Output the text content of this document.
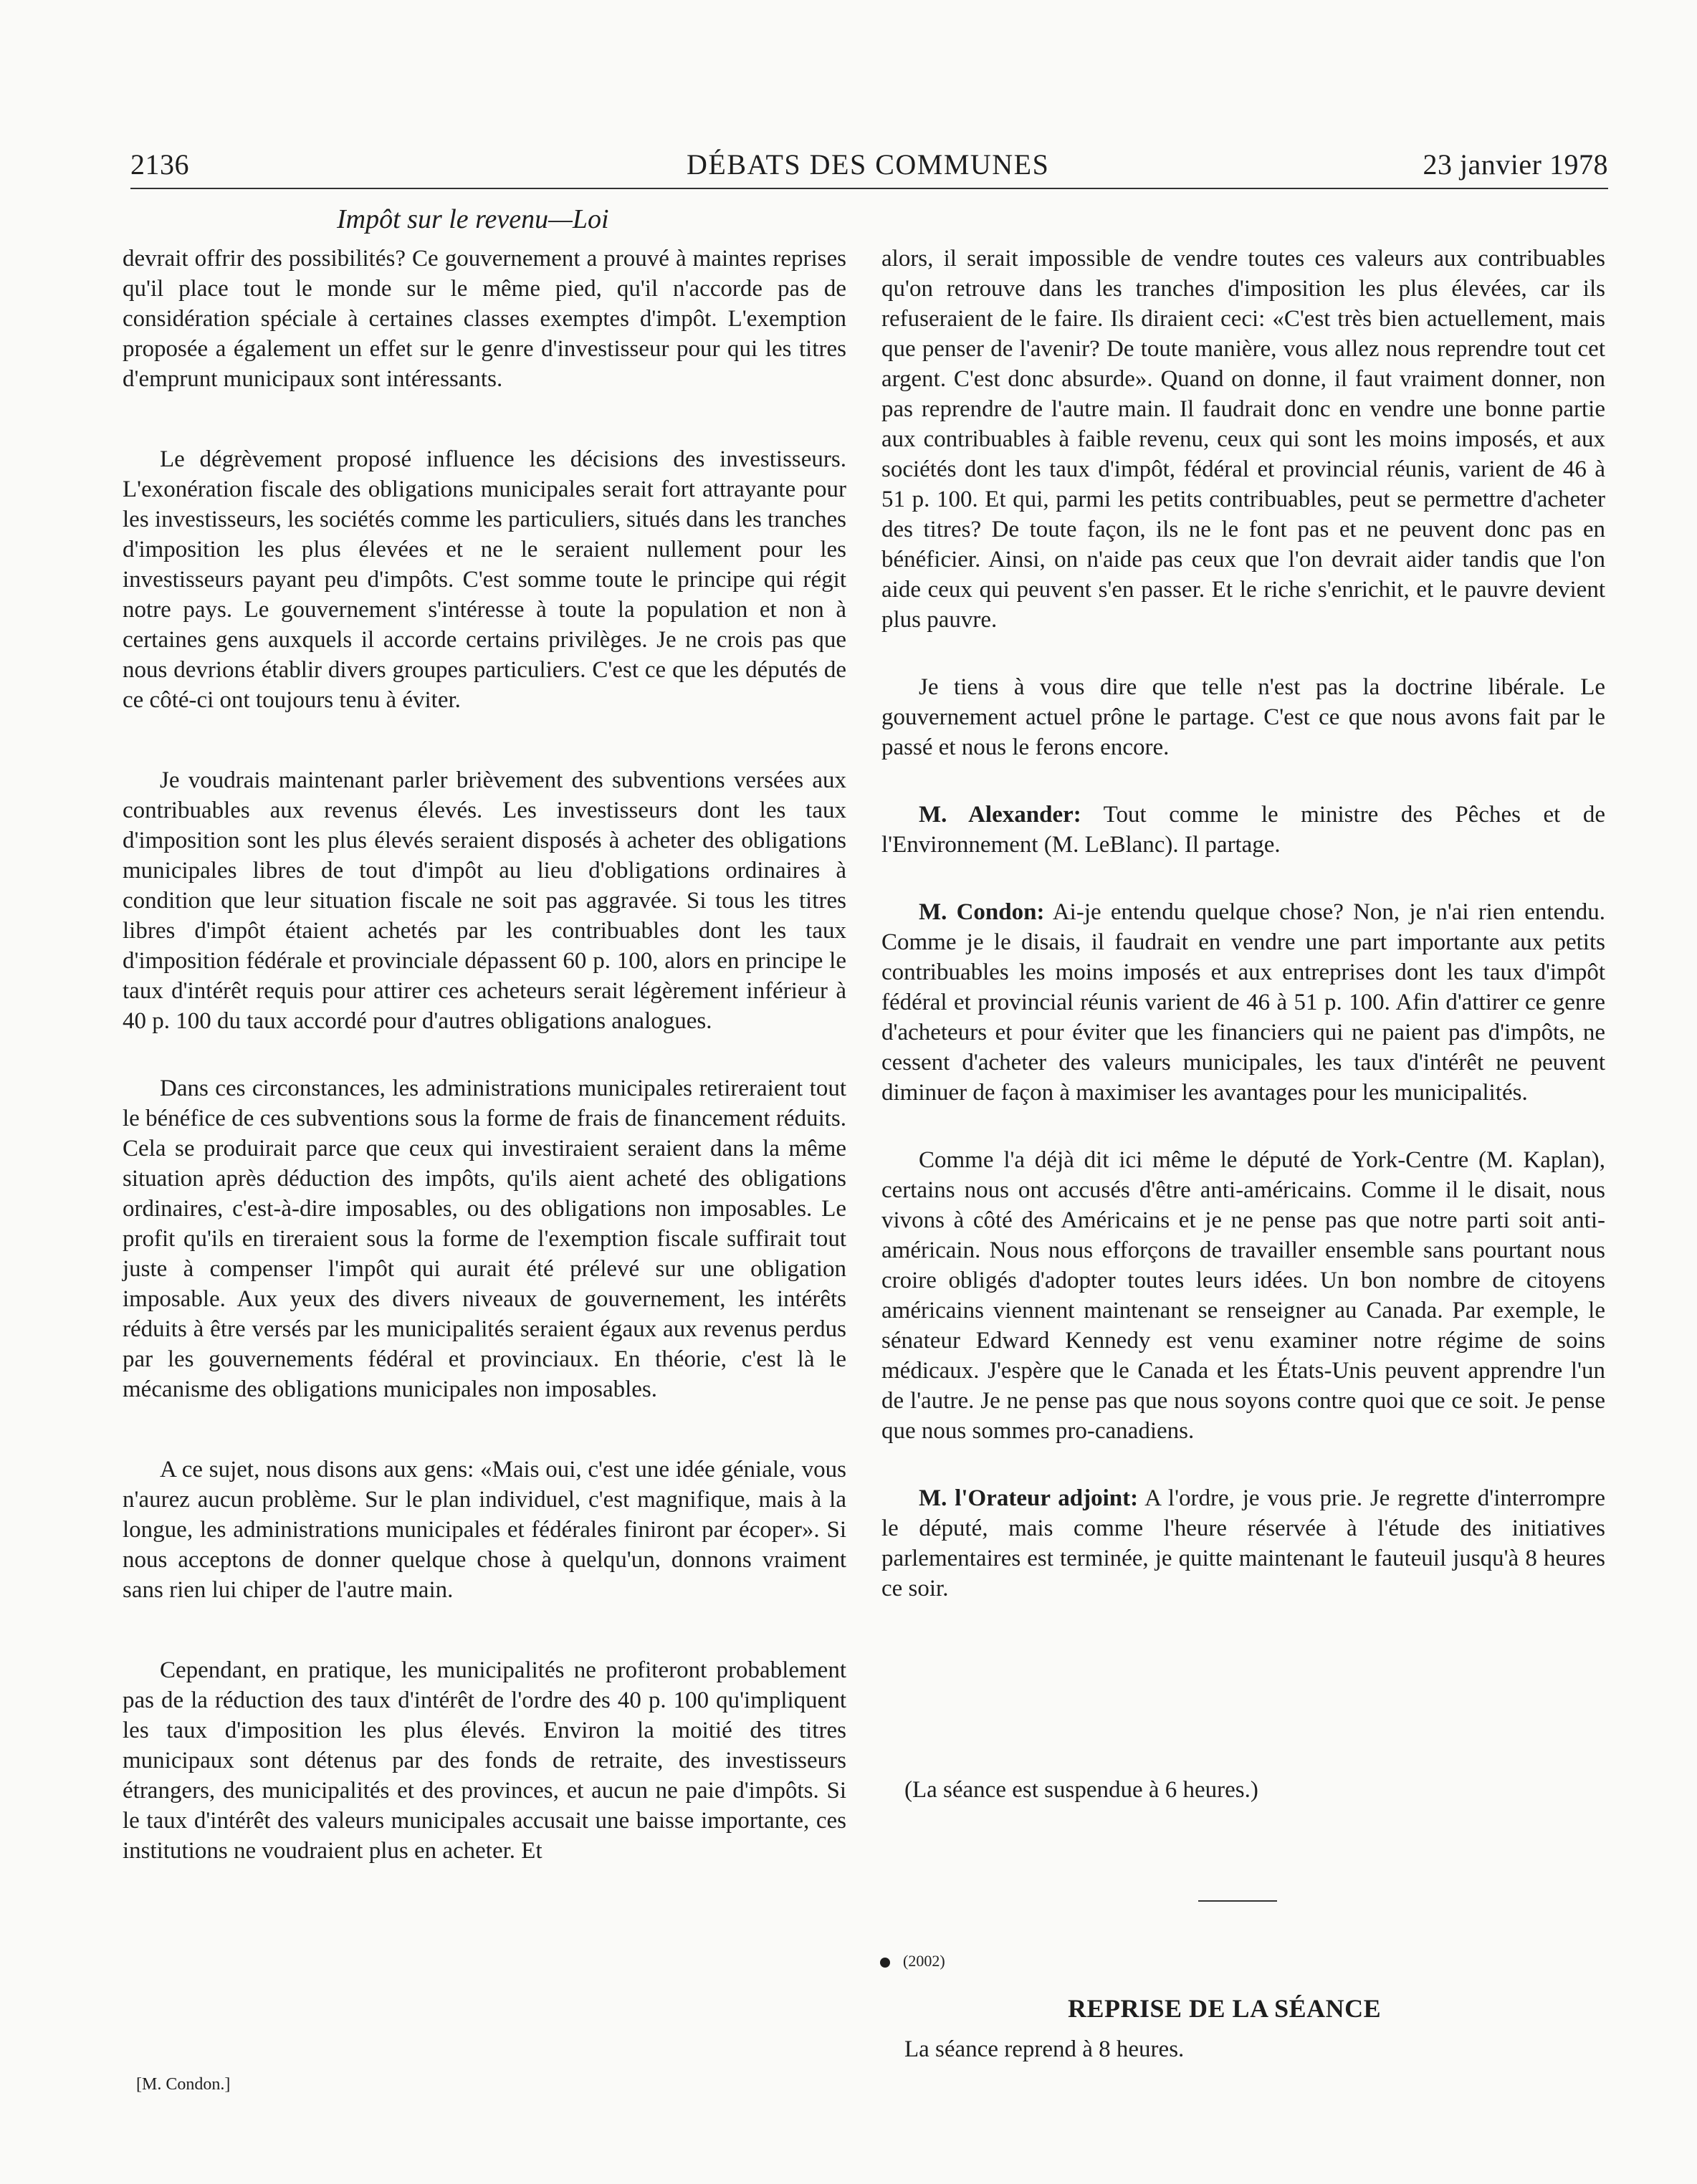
2136	DÉBATS DES COMMUNES	23 janvier 1978
Impôt sur le revenu—Loi

devrait offrir des possibilités? Ce gouvernement a prouvé à maintes reprises qu'il place tout le monde sur le même pied, qu'il n'accorde pas de considération spéciale à certaines classes exemptes d'impôt. L'exemption proposée a également un effet sur le genre d'investisseur pour qui les titres d'emprunt municipaux sont intéressants.

Le dégrèvement proposé influence les décisions des investisseurs. L'exonération fiscale des obligations municipales serait fort attrayante pour les investisseurs, les sociétés comme les particuliers, situés dans les tranches d'imposition les plus élevées et ne le seraient nullement pour les investisseurs payant peu d'impôts. C'est somme toute le principe qui régit notre pays. Le gouvernement s'intéresse à toute la population et non à certaines gens auxquels il accorde certains privilèges. Je ne crois pas que nous devrions établir divers groupes particuliers. C'est ce que les députés de ce côté-ci ont toujours tenu à éviter.

Je voudrais maintenant parler brièvement des subventions versées aux contribuables aux revenus élevés. Les investisseurs dont les taux d'imposition sont les plus élevés seraient disposés à acheter des obligations municipales libres de tout d'impôt au lieu d'obligations ordinaires à condition que leur situation fiscale ne soit pas aggravée. Si tous les titres libres d'impôt étaient achetés par les contribuables dont les taux d'imposition fédérale et provinciale dépassent 60 p. 100, alors en principe le taux d'intérêt requis pour attirer ces acheteurs serait légèrement inférieur à 40 p. 100 du taux accordé pour d'autres obligations analogues.

Dans ces circonstances, les administrations municipales retireraient tout le bénéfice de ces subventions sous la forme de frais de financement réduits. Cela se produirait parce que ceux qui investiraient seraient dans la même situation après déduction des impôts, qu'ils aient acheté des obligations ordinaires, c'est-à-dire imposables, ou des obligations non imposables. Le profit qu'ils en tireraient sous la forme de l'exemption fiscale suffirait tout juste à compenser l'impôt qui aurait été prélevé sur une obligation imposable. Aux yeux des divers niveaux de gouvernement, les intérêts réduits à être versés par les municipalités seraient égaux aux revenus perdus par les gouvernements fédéral et provinciaux. En théorie, c'est là le mécanisme des obligations municipales non imposables.

A ce sujet, nous disons aux gens: «Mais oui, c'est une idée géniale, vous n'aurez aucun problème. Sur le plan individuel, c'est magnifique, mais à la longue, les administrations municipales et fédérales finiront par écoper». Si nous acceptons de donner quelque chose à quelqu'un, donnons vraiment sans rien lui chiper de l'autre main.

Cependant, en pratique, les municipalités ne profiteront probablement pas de la réduction des taux d'intérêt de l'ordre des 40 p. 100 qu'impliquent les taux d'imposition les plus élevés. Environ la moitié des titres municipaux sont détenus par des fonds de retraite, des investisseurs étrangers, des municipalités et des provinces, et aucun ne paie d'impôts. Si le taux d'intérêt des valeurs municipales accusait une baisse importante, ces institutions ne voudraient plus en acheter. Et

[M. Condon.]

alors, il serait impossible de vendre toutes ces valeurs aux contribuables qu'on retrouve dans les tranches d'imposition les plus élevées, car ils refuseraient de le faire. Ils diraient ceci: «C'est très bien actuellement, mais que penser de l'avenir? De toute manière, vous allez nous reprendre tout cet argent. C'est donc absurde». Quand on donne, il faut vraiment donner, non pas reprendre de l'autre main. Il faudrait donc en vendre une bonne partie aux contribuables à faible revenu, ceux qui sont les moins imposés, et aux sociétés dont les taux d'impôt, fédéral et provincial réunis, varient de 46 à 51 p. 100. Et qui, parmi les petits contribuables, peut se permettre d'acheter des titres? De toute façon, ils ne le font pas et ne peuvent donc pas en bénéficier. Ainsi, on n'aide pas ceux que l'on devrait aider tandis que l'on aide ceux qui peuvent s'en passer. Et le riche s'enrichit, et le pauvre devient plus pauvre.

Je tiens à vous dire que telle n'est pas la doctrine libérale. Le gouvernement actuel prône le partage. C'est ce que nous avons fait par le passé et nous le ferons encore.

M. Alexander: Tout comme le ministre des Pêches et de l'Environnement (M. LeBlanc). Il partage.

M. Condon: Ai-je entendu quelque chose? Non, je n'ai rien entendu. Comme je le disais, il faudrait en vendre une part importante aux petits contribuables les moins imposés et aux entreprises dont les taux d'impôt fédéral et provincial réunis varient de 46 à 51 p. 100. Afin d'attirer ce genre d'acheteurs et pour éviter que les financiers qui ne paient pas d'impôts, ne cessent d'acheter des valeurs municipales, les taux d'intérêt ne peuvent diminuer de façon à maximiser les avantages pour les municipalités.

Comme l'a déjà dit ici même le député de York-Centre (M. Kaplan), certains nous ont accusés d'être anti-américains. Comme il le disait, nous vivons à côté des Américains et je ne pense pas que notre parti soit anti-américain. Nous nous efforçons de travailler ensemble sans pourtant nous croire obligés d'adopter toutes leurs idées. Un bon nombre de citoyens américains viennent maintenant se renseigner au Canada. Par exemple, le sénateur Edward Kennedy est venu examiner notre régime de soins médicaux. J'espère que le Canada et les États-Unis peuvent apprendre l'un de l'autre. Je ne pense pas que nous soyons contre quoi que ce soit. Je pense que nous sommes pro-canadiens.

M. l'Orateur adjoint: A l'ordre, je vous prie. Je regrette d'interrompre le député, mais comme l'heure réservée à l'étude des initiatives parlementaires est terminée, je quitte maintenant le fauteuil jusqu'à 8 heures ce soir.

(La séance est suspendue à 6 heures.)
(2002)
REPRISE DE LA SÉANCE
La séance reprend à 8 heures.
